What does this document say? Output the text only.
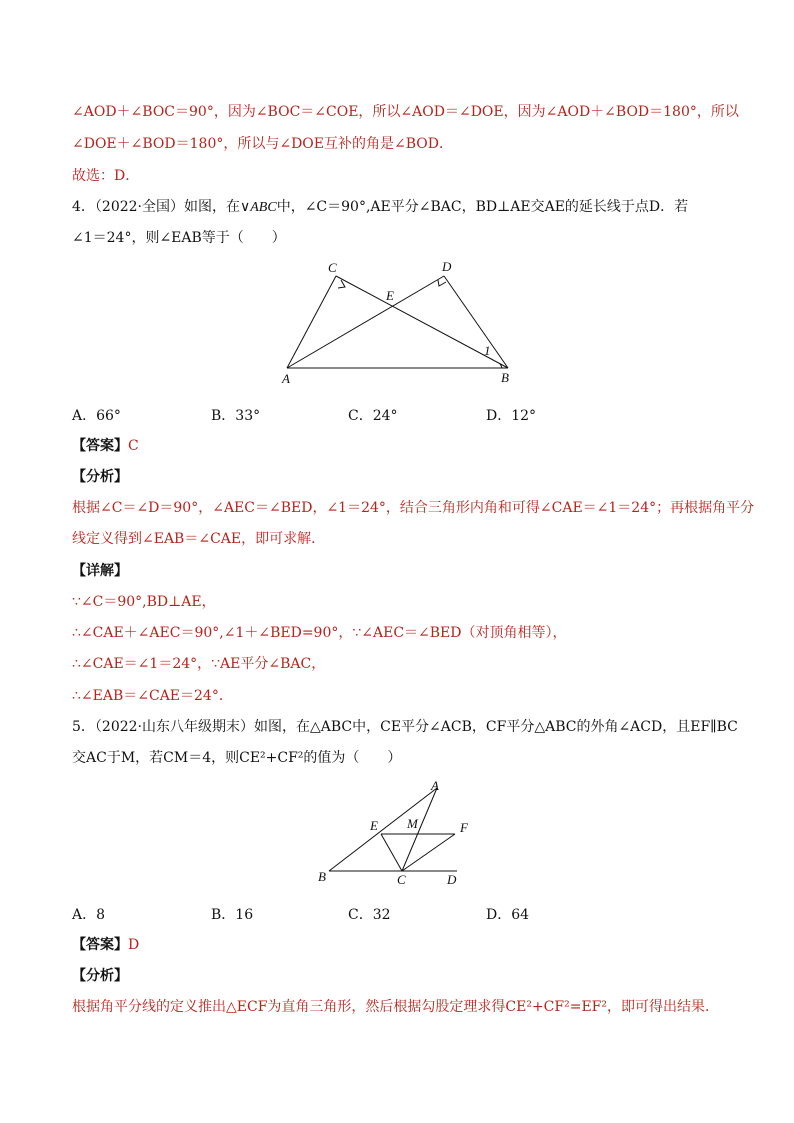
∠AOD＋∠BOC＝90°，因为∠BOC＝∠COE，所以∠AOD＝∠DOE，因为∠AOD＋∠BOD＝180°，所以
∠DOE＋∠BOD＝180°，所以与∠DOE互补的角是∠BOD．
故选：D．
4．（2022·全国）如图，在∨ABC中，∠C＝90°,AE平分∠BAC，BD⊥AE交AE的延长线于点D．若
∠1＝24°，则∠EAB等于（　　）
C	D
E
1
A	B
A．66°	B．33°	C．24°	D．12°
【答案】C
【分析】
根据∠C＝∠D＝90°，∠AEC＝∠BED，∠1＝24°，结合三角形内角和可得∠CAE＝∠1＝24°；再根据角平分
线定义得到∠EAB＝∠CAE，即可求解．
【详解】
∵∠C＝90°,BD⊥AE，
∴∠CAE＋∠AEC＝90°,∠1＋∠BED=90°，∵∠AEC＝∠BED（对顶角相等），
∴∠CAE＝∠1＝24°，∵AE平分∠BAC，
∴∠EAB＝∠CAE＝24°．
5．（2022·山东八年级期末）如图，在△ABC中，CE平分∠ACB，CF平分△ABC的外角∠ACD，且EF∥BC
交AC于M，若CM＝4，则CE²+CF²的值为（　　）
A
E M	F
B	C	D
A．8	B．16	C．32	D．64
【答案】D
【分析】
根据角平分线的定义推出△ECF为直角三角形，然后根据勾股定理求得CE²+CF²=EF²，即可得出结果．
